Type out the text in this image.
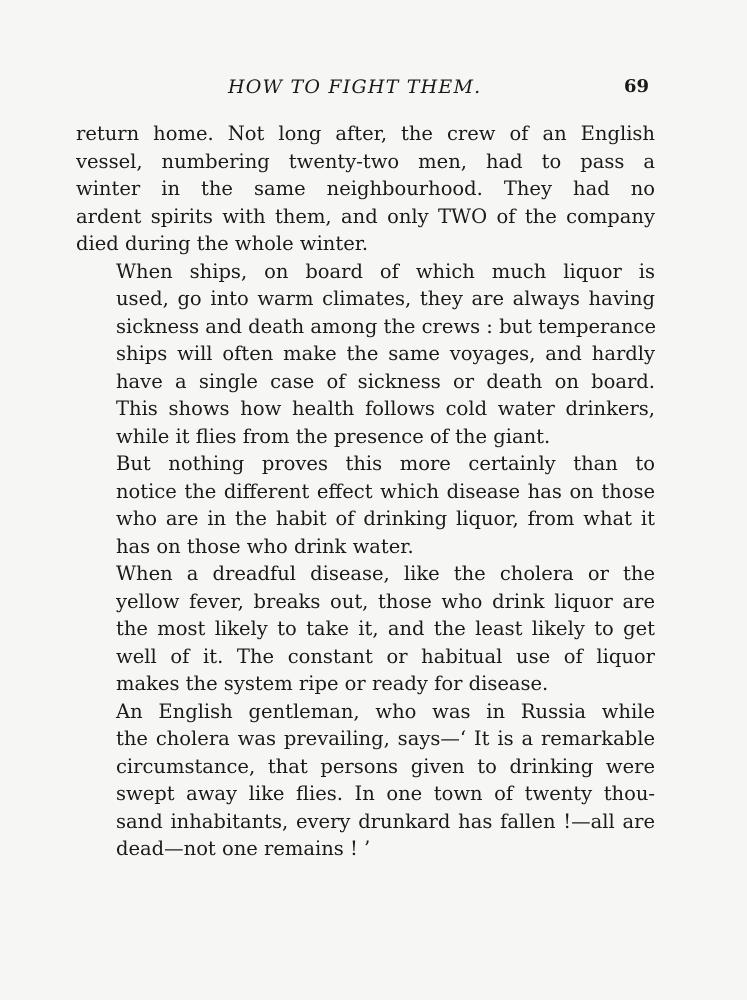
HOW TO FIGHT THEM.	69

return home. Not long after, the crew of an English
vessel, numbering twenty-two men, had to pass a
winter in the same neighbourhood. They had no
ardent spirits with them, and only TWO of the company
died during the whole winter.

When ships, on board of which much liquor is
used, go into warm climates, they are always having
sickness and death among the crews : but temperance
ships will often make the same voyages, and hardly
have a single case of sickness or death on board.
This shows how health follows cold water drinkers,
while it flies from the presence of the giant.

But nothing proves this more certainly than to
notice the different effect which disease has on those
who are in the habit of drinking liquor, from what it
has on those who drink water.

When a dreadful disease, like the cholera or the
yellow fever, breaks out, those who drink liquor are
the most likely to take it, and the least likely to get
well of it. The constant or habitual use of liquor
makes the system ripe or ready for disease.

An English gentleman, who was in Russia while
the cholera was prevailing, says—‘ It is a remarkable
circumstance, that persons given to drinking were
swept away like flies. In one town of twenty thou-
sand inhabitants, every drunkard has fallen !—all are
dead—not one remains ! ’
